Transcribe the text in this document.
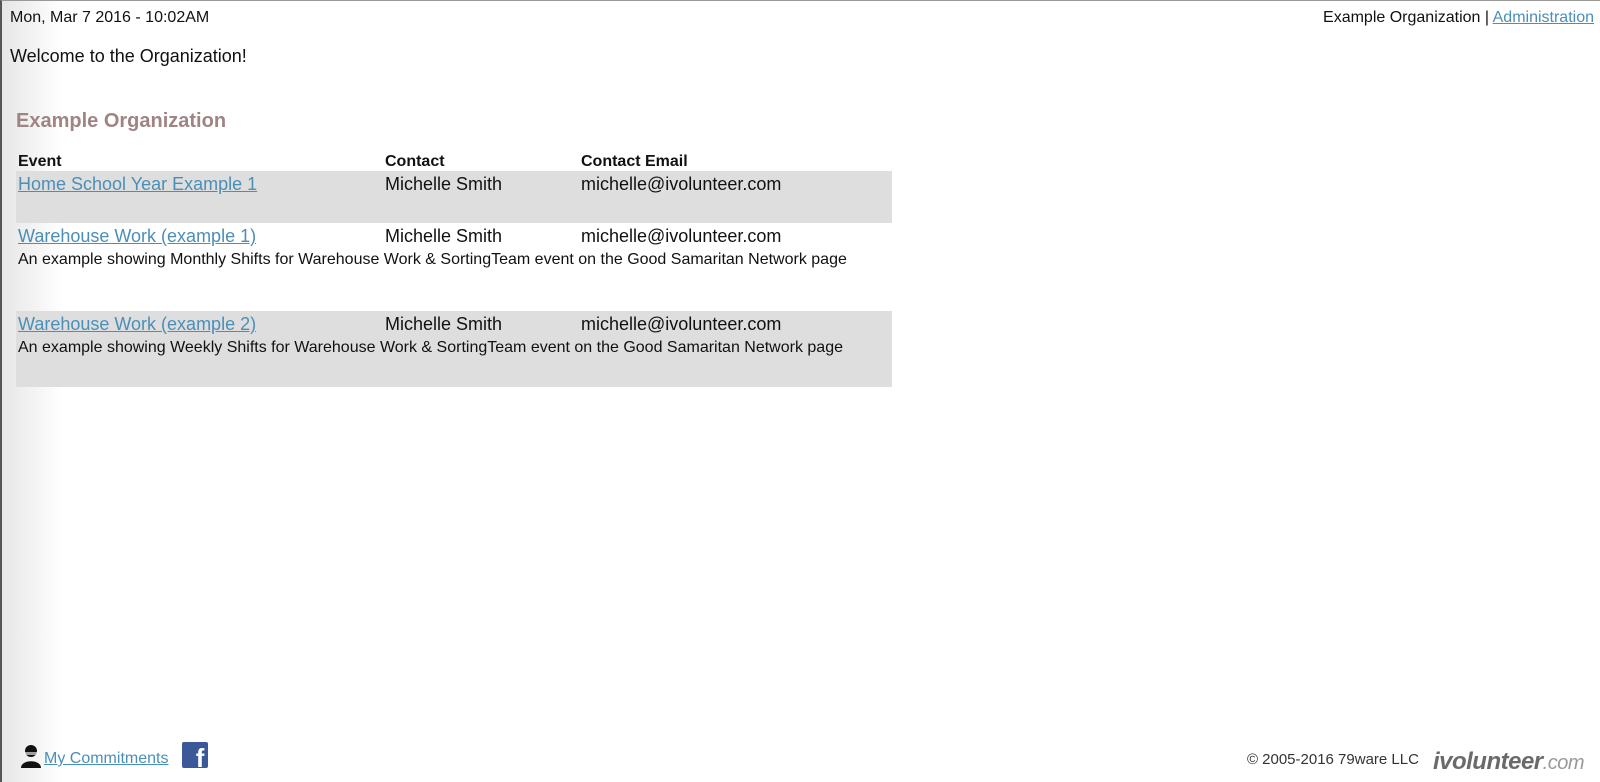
Mon, Mar 7 2016 - 10:02AM	Example Organization | Administration
Welcome to the Organization!
Example Organization
Event	Contact	Contact Email
Home School Year Example 1	Michelle Smith	michelle@ivolunteer.com

Warehouse Work (example 1)	Michelle Smith	michelle@ivolunteer.com
An example showing Monthly Shifts for Warehouse Work & SortingTeam event on the Good Samaritan Network page		

Warehouse Work (example 2)	Michelle Smith	michelle@ivolunteer.com
An example showing Weekly Shifts for Warehouse Work & SortingTeam event on the Good Samaritan Network page		

My Commitments f	© 2005-2016 79ware LLC ivolunteer.com
